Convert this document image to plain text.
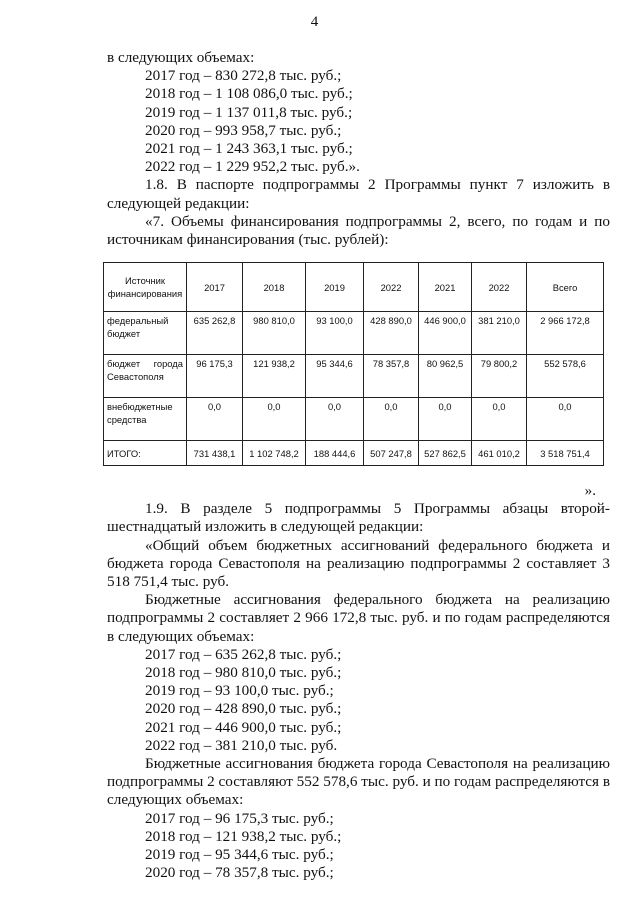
4

в следующих объемах:

2017 год – 830 272,8 тыс. руб.;
2018 год – 1 108 086,0 тыс. руб.;
2019 год – 1 137 011,8 тыс. руб.;
2020 год – 993 958,7 тыс. руб.;
2021 год – 1 243 363,1 тыс. руб.;
2022 год – 1 229 952,2 тыс. руб.».

1.8. В паспорте подпрограммы 2 Программы пункт 7 изложить в следующей редакции:

«7. Объемы финансирования подпрограммы 2, всего, по годам и по источникам финансирования (тыс. рублей):

Источник финансирования	2017	2018	2019	2022	2021	2022	Всего
федеральный бюджет	635 262,8	980 810,0	93 100,0	428 890,0	446 900,0	381 210,0	2 966 172,8
бюджет города Севастополя	96 175,3	121 938,2	95 344,6	78 357,8	80 962,5	79 800,2	552 578,6
внебюджетные средства	0,0	0,0	0,0	0,0	0,0	0,0	0,0
ИТОГО:	731 438,1	1 102 748,2	188 444,6	507 247,8	527 862,5	461 010,2	3 518 751,4

».

1.9. В разделе 5 подпрограммы 5 Программы абзацы второй-шестнадцатый изложить в следующей редакции:

«Общий объем бюджетных ассигнований федерального бюджета и бюджета города Севастополя на реализацию подпрограммы 2 составляет 3 518 751,4 тыс. руб.

Бюджетные ассигнования федерального бюджета на реализацию подпрограммы 2 составляет 2 966 172,8 тыс. руб. и по годам распределяются в следующих объемах:

2017 год – 635 262,8 тыс. руб.;
2018 год – 980 810,0 тыс. руб.;
2019 год – 93 100,0 тыс. руб.;
2020 год – 428 890,0 тыс. руб.;
2021 год – 446 900,0 тыс. руб.;
2022 год – 381 210,0 тыс. руб.

Бюджетные ассигнования бюджета города Севастополя на реализацию подпрограммы 2 составляют 552 578,6 тыс. руб. и по годам распределяются в следующих объемах:

2017 год – 96 175,3 тыс. руб.;
2018 год – 121 938,2 тыс. руб.;
2019 год – 95 344,6 тыс. руб.;
2020 год – 78 357,8 тыс. руб.;
